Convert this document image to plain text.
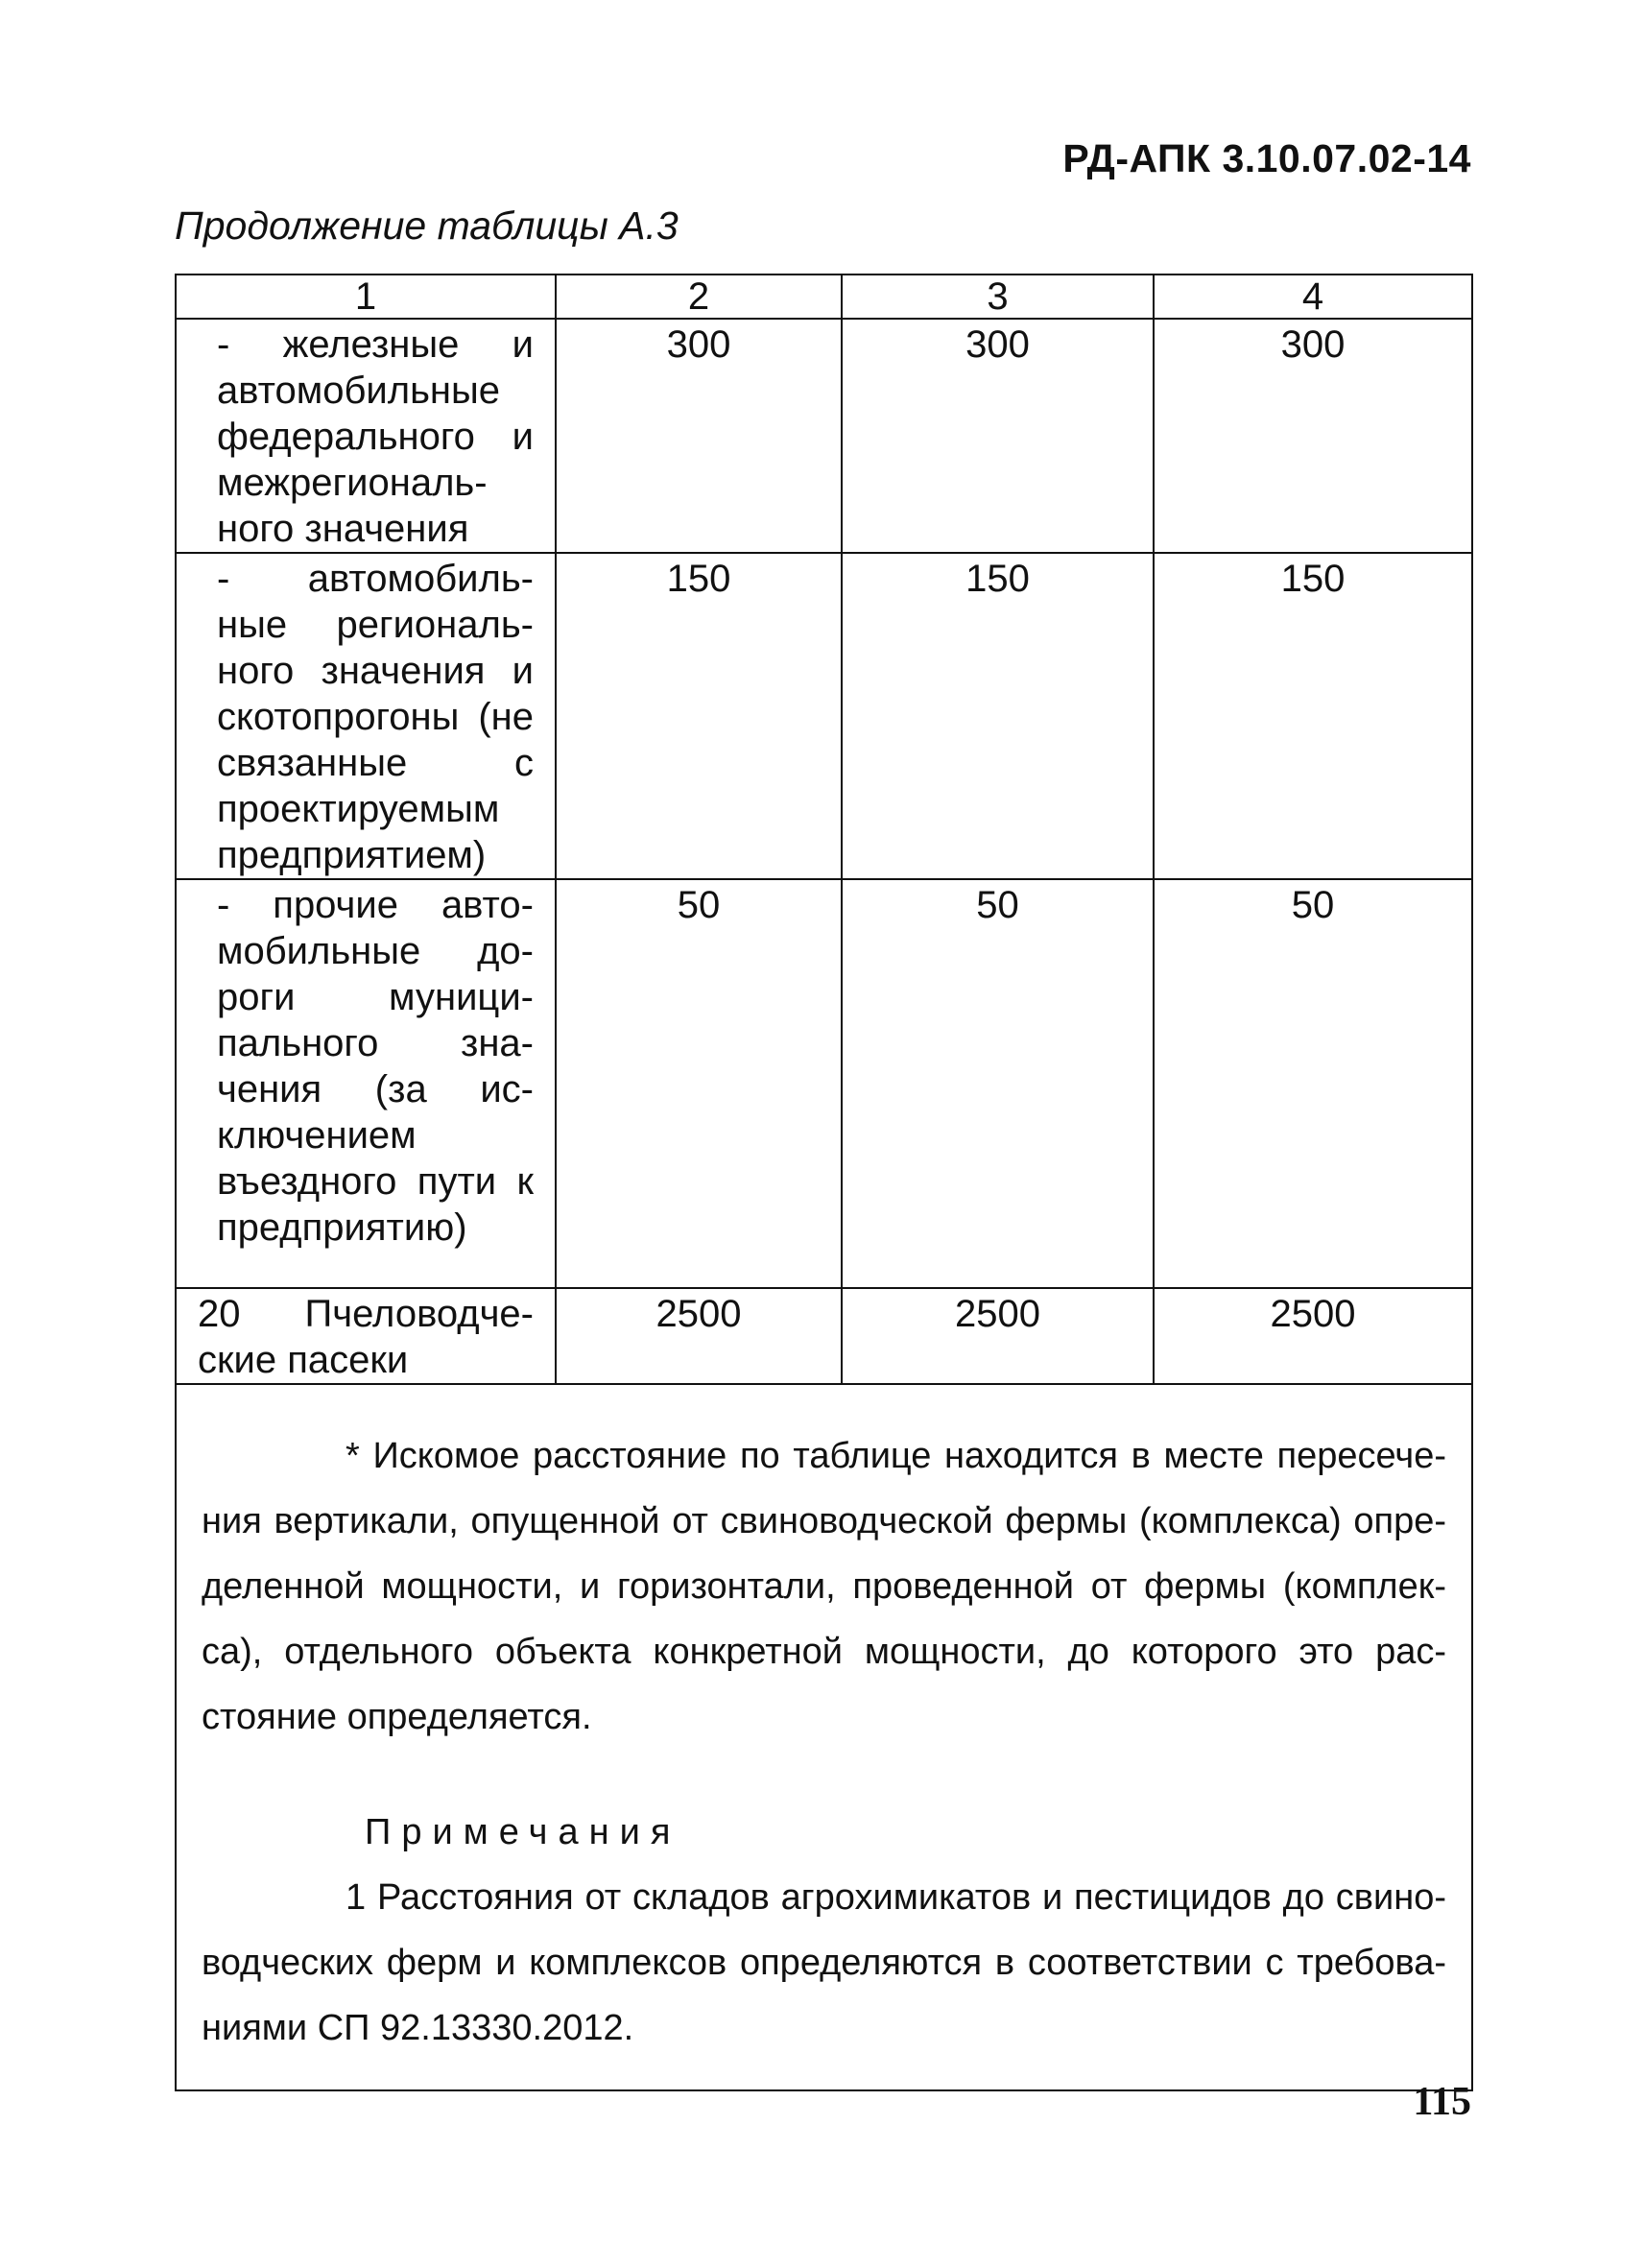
РД-АПК 3.10.07.02-14
Продолжение таблицы А.3
1	2	3	4

- железные и автомобильные федерального и межрегиональ-ного значения	300	300	300

- автомобиль-ные региональ-ного значения и скотопрогоны (не связанные с проектируемым предприятием)	150	150	150

- прочие авто-мобильные до-роги муници-пального зна-чения (за ис-ключением въездного пути к предприятию)	50	50	50

20 Пчеловодче-ские пасеки	2500	2500	2500

* Искомое расстояние по таблице находится в месте пересече-ния вертикали, опущенной от свиноводческой фермы (комплекса) опре-деленной мощности, и горизонтали, проведенной от фермы (комплек-са), отдельного объекта конкретной мощности, до которого это рас-стояние определяется.

Примечания

1 Расстояния от складов агрохимикатов и пестицидов до свино-водческих ферм и комплексов определяются в соответствии с требова-ниями СП 92.13330.2012.			

115
